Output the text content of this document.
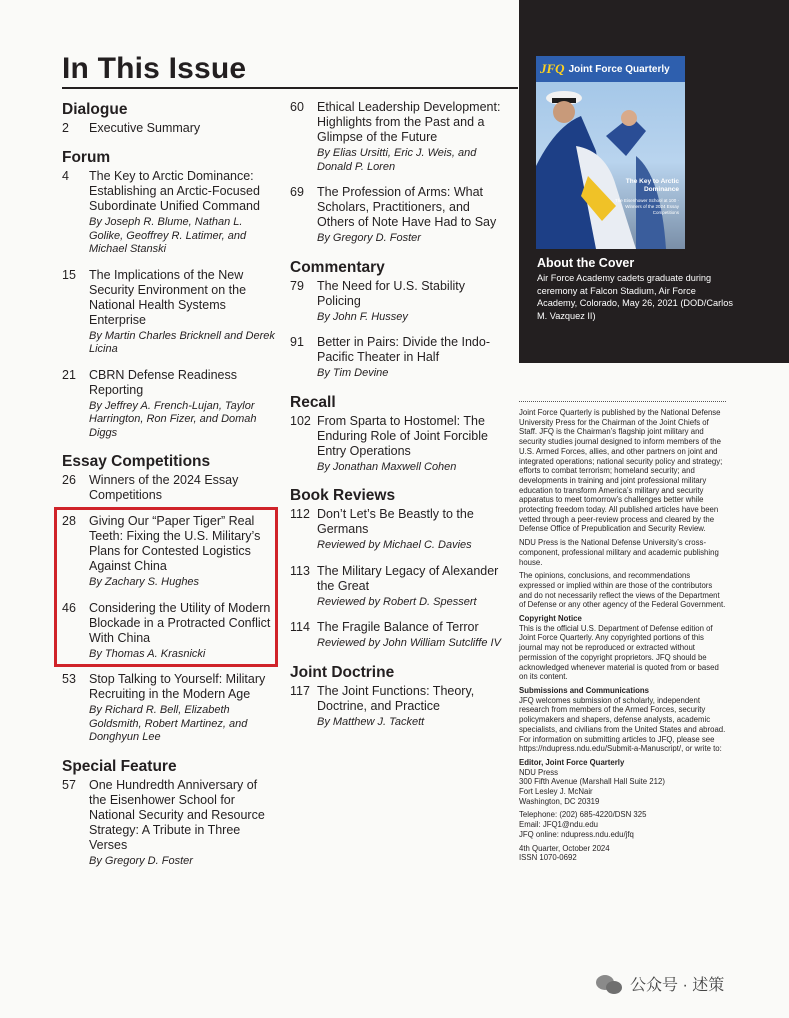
In This Issue
Dialogue
2	Executive Summary
Forum
4	The Key to Arctic Dominance: Establishing an Arctic-Focused Subordinate Unified Command
By Joseph R. Blume, Nathan L. Golike, Geoffrey R. Latimer, and Michael Stanski
15	The Implications of the New Security Environment on the National Health Systems Enterprise
By Martin Charles Bricknell and Derek Licina
21	CBRN Defense Readiness Reporting
By Jeffrey A. French-Lujan, Taylor Harrington, Ron Fizer, and Domah Diggs
Essay Competitions
26	Winners of the 2024 Essay Competitions
28	Giving Our “Paper Tiger” Real Teeth: Fixing the U.S. Military’s Plans for Contested Logistics Against China
By Zachary S. Hughes
46	Considering the Utility of Modern Blockade in a Protracted Conflict With China
By Thomas A. Krasnicki
53	Stop Talking to Yourself: Military Recruiting in the Modern Age
By Richard R. Bell, Elizabeth Goldsmith, Robert Martinez, and Donghyun Lee
Special Feature
57	One Hundredth Anniversary of the Eisenhower School for National Security and Resource Strategy: A Tribute in Three Verses
By Gregory D. Foster
60	Ethical Leadership Development: Highlights from the Past and a Glimpse of the Future
By Elias Ursitti, Eric J. Weis, and Donald P. Loren
69	The Profession of Arms: What Scholars, Practitioners, and Others of Note Have Had to Say
By Gregory D. Foster
Commentary
79	The Need for U.S. Stability Policing
By John F. Hussey
91	Better in Pairs: Divide the Indo-Pacific Theater in Half
By Tim Devine
Recall
102 From Sparta to Hostomel: The Enduring Role of Joint Forcible Entry Operations
By Jonathan Maxwell Cohen
Book Reviews
112 Don’t Let’s Be Beastly to the Germans
Reviewed by Michael C. Davies
113 The Military Legacy of Alexander the Great
Reviewed by Robert D. Spessert
114 The Fragile Balance of Terror
Reviewed by John William Sutcliffe IV
Joint Doctrine
117 The Joint Functions: Theory, Doctrine, and Practice
By Matthew J. Tackett
JFQ Joint Force Quarterly
The Key to Arctic Dominance
The Eisenhower School at 100 · Winners of the 2024 Essay Competitions
About the Cover
Air Force Academy cadets graduate during ceremony at Falcon Stadium, Air Force Academy, Colorado, May 26, 2021 (DOD/Carlos M. Vazquez II)

Joint Force Quarterly is published by the National Defense University Press for the Chairman of the Joint Chiefs of Staff. JFQ is the Chairman’s flagship joint military and security studies journal designed to inform members of the U.S. Armed Forces, allies, and other partners on joint and integrated operations; national security policy and strategy; efforts to combat terrorism; homeland security; and developments in training and joint professional military education to transform America’s military and security apparatus to meet tomorrow’s challenges better while protecting freedom today. All published articles have been vetted through a peer-review process and cleared by the Defense Office of Prepublication and Security Review.

NDU Press is the National Defense University’s cross-component, professional military and academic publishing house.

The opinions, conclusions, and recommendations expressed or implied within are those of the contributors and do not necessarily reflect the views of the Department of Defense or any other agency of the Federal Government.

Copyright Notice

This is the official U.S. Department of Defense edition of Joint Force Quarterly. Any copyrighted portions of this journal may not be reproduced or extracted without permission of the copyright proprietors. JFQ should be acknowledged whenever material is quoted from or based on its content.

Submissions and Communications

JFQ welcomes submission of scholarly, independent research from members of the Armed Forces, security policymakers and shapers, defense analysts, academic specialists, and civilians from the United States and abroad. For information on submitting articles to JFQ, please see https://ndupress.ndu.edu/Submit-a-Manuscript/, or write to:

Editor, Joint Force Quarterly

NDU Press
300 Fifth Avenue (Marshall Hall Suite 212)
Fort Lesley J. McNair
Washington, DC 20319

Telephone: (202) 685-4220/DSN 325
Email: JFQ1@ndu.edu
JFQ online: ndupress.ndu.edu/jfq

4th Quarter, October 2024
ISSN 1070-0692

公众号 · 述策
